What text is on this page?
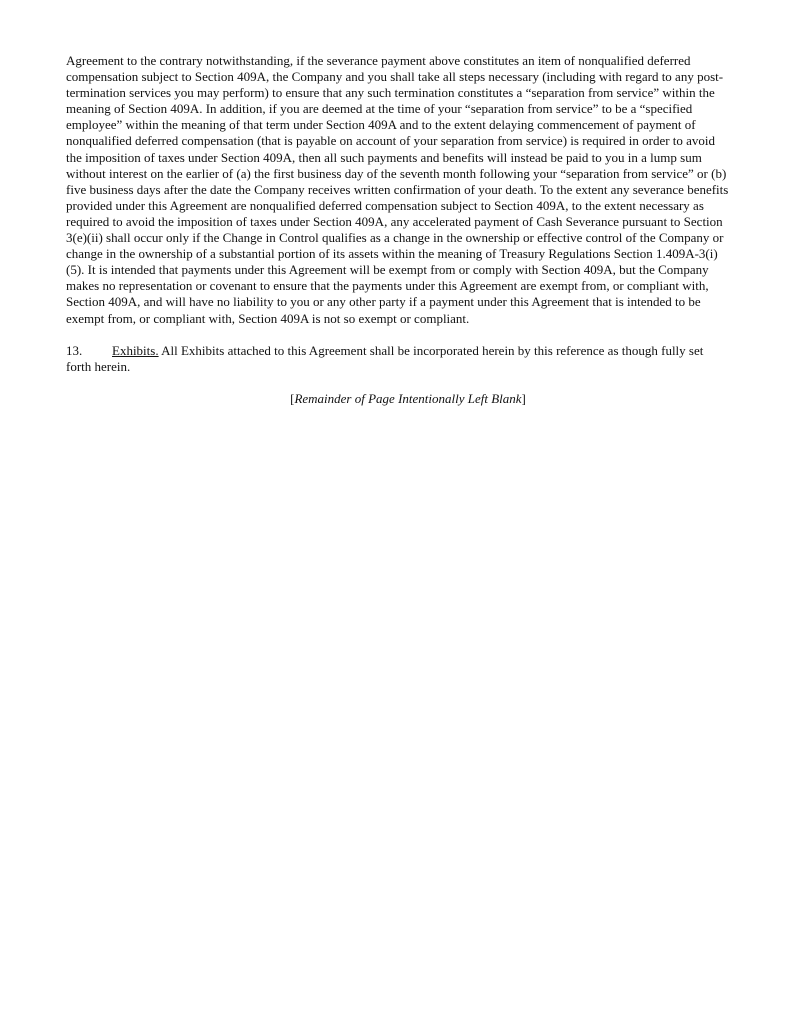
Agreement to the contrary notwithstanding, if the severance payment above constitutes an item of nonqualified deferred
compensation subject to Section 409A, the Company and you shall take all steps necessary (including with regard to any post-
termination services you may perform) to ensure that any such termination constitutes a “separation from service” within the
meaning of Section 409A. In addition, if you are deemed at the time of your “separation from service” to be a “specified
employee” within the meaning of that term under Section 409A and to the extent delaying commencement of payment of
nonqualified deferred compensation (that is payable on account of your separation from service) is required in order to avoid
the imposition of taxes under Section 409A, then all such payments and benefits will instead be paid to you in a lump sum
without interest on the earlier of (a) the first business day of the seventh month following your “separation from service” or (b)
five business days after the date the Company receives written confirmation of your death. To the extent any severance benefits
provided under this Agreement are nonqualified deferred compensation subject to Section 409A, to the extent necessary as
required to avoid the imposition of taxes under Section 409A, any accelerated payment of Cash Severance pursuant to Section
3(e)(ii) shall occur only if the Change in Control qualifies as a change in the ownership or effective control of the Company or
change in the ownership of a substantial portion of its assets within the meaning of Treasury Regulations Section 1.409A-3(i)
(5). It is intended that payments under this Agreement will be exempt from or comply with Section 409A, but the Company
makes no representation or covenant to ensure that the payments under this Agreement are exempt from, or compliant with,
Section 409A, and will have no liability to you or any other party if a payment under this Agreement that is intended to be
exempt from, or compliant with, Section 409A is not so exempt or compliant.
13. Exhibits. All Exhibits attached to this Agreement shall be incorporated herein by this reference as though fully set
forth herein.
[Remainder of Page Intentionally Left Blank]
